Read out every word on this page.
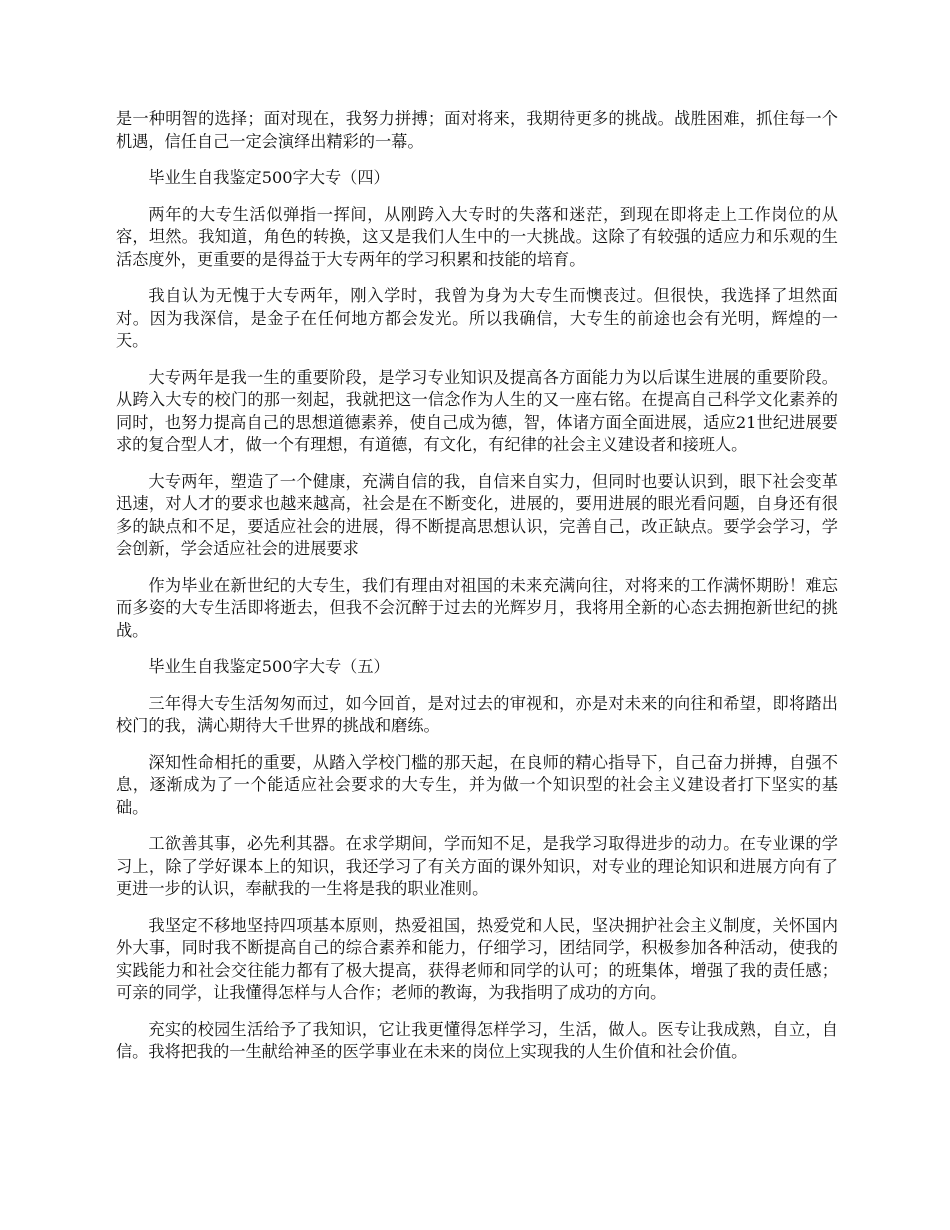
是一种明智的选择；面对现在，我努力拼搏；面对将来，我期待更多的挑战。战胜困难，抓住每一个机遇，信任自己一定会演绎出精彩的一幕。

毕业生自我鉴定500字大专（四）

两年的大专生活似弹指一挥间，从刚跨入大专时的失落和迷茫，到现在即将走上工作岗位的从容，坦然。我知道，角色的转换，这又是我们人生中的一大挑战。这除了有较强的适应力和乐观的生活态度外，更重要的是得益于大专两年的学习积累和技能的培育。

我自认为无愧于大专两年，刚入学时，我曾为身为大专生而懊丧过。但很快，我选择了坦然面对。因为我深信，是金子在任何地方都会发光。所以我确信，大专生的前途也会有光明，辉煌的一天。

大专两年是我一生的重要阶段，是学习专业知识及提高各方面能力为以后谋生进展的重要阶段。从跨入大专的校门的那一刻起，我就把这一信念作为人生的又一座右铭。在提高自己科学文化素养的同时，也努力提高自己的思想道德素养，使自己成为德，智，体诸方面全面进展，适应21世纪进展要求的复合型人才，做一个有理想，有道德，有文化，有纪律的社会主义建设者和接班人。

大专两年，塑造了一个健康，充满自信的我，自信来自实力，但同时也要认识到，眼下社会变革迅速，对人才的要求也越来越高，社会是在不断变化，进展的，要用进展的眼光看问题，自身还有很多的缺点和不足，要适应社会的进展，得不断提高思想认识，完善自己，改正缺点。要学会学习，学会创新，学会适应社会的进展要求

作为毕业在新世纪的大专生，我们有理由对祖国的未来充满向往，对将来的工作满怀期盼！难忘而多姿的大专生活即将逝去，但我不会沉醉于过去的光辉岁月，我将用全新的心态去拥抱新世纪的挑战。

毕业生自我鉴定500字大专（五）

三年得大专生活匆匆而过，如今回首，是对过去的审视和，亦是对未来的向往和希望，即将踏出校门的我，满心期待大千世界的挑战和磨练。

深知性命相托的重要，从踏入学校门槛的那天起，在良师的精心指导下，自己奋力拼搏，自强不息，逐渐成为了一个能适应社会要求的大专生，并为做一个知识型的社会主义建设者打下坚实的基础。

工欲善其事，必先利其器。在求学期间，学而知不足，是我学习取得进步的动力。在专业课的学习上，除了学好课本上的知识，我还学习了有关方面的课外知识，对专业的理论知识和进展方向有了更进一步的认识，奉献我的一生将是我的职业准则。

我坚定不移地坚持四项基本原则，热爱祖国，热爱党和人民，坚决拥护社会主义制度，关怀国内外大事，同时我不断提高自己的综合素养和能力，仔细学习，团结同学，积极参加各种活动，使我的实践能力和社会交往能力都有了极大提高，获得老师和同学的认可；的班集体，增强了我的责任感；可亲的同学，让我懂得怎样与人合作；老师的教诲，为我指明了成功的方向。

充实的校园生活给予了我知识，它让我更懂得怎样学习，生活，做人。医专让我成熟，自立，自信。我将把我的一生献给神圣的医学事业在未来的岗位上实现我的人生价值和社会价值。
